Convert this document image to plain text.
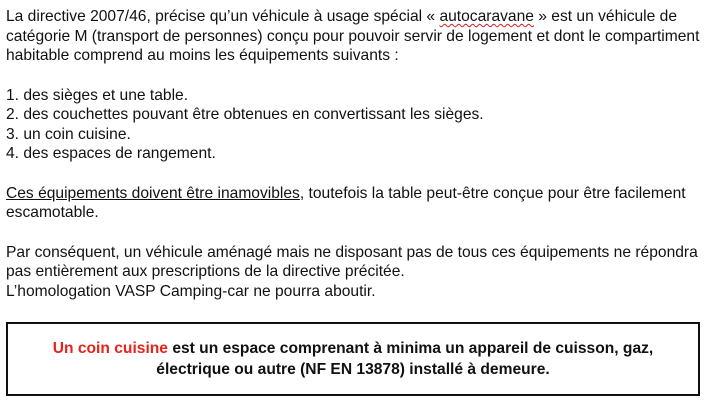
La directive 2007/46, précise qu’un véhicule à usage spécial « autocaravane » est un véhicule de catégorie M (transport de personnes) conçu pour pouvoir servir de logement et dont le compartiment habitable comprend au moins les équipements suivants :

1. des sièges et une table.
2. des couchettes pouvant être obtenues en convertissant les sièges.
3. un coin cuisine.
4. des espaces de rangement.

Ces équipements doivent être inamovibles, toutefois la table peut-être conçue pour être facilement escamotable.

Par conséquent, un véhicule aménagé mais ne disposant pas de tous ces équipements ne répondra pas entièrement aux prescriptions de la directive précitée.
L’homologation VASP Camping-car ne pourra aboutir.

Un coin cuisine est un espace comprenant à minima un appareil de cuisson, gaz, électrique ou autre (NF EN 13878) installé à demeure.
